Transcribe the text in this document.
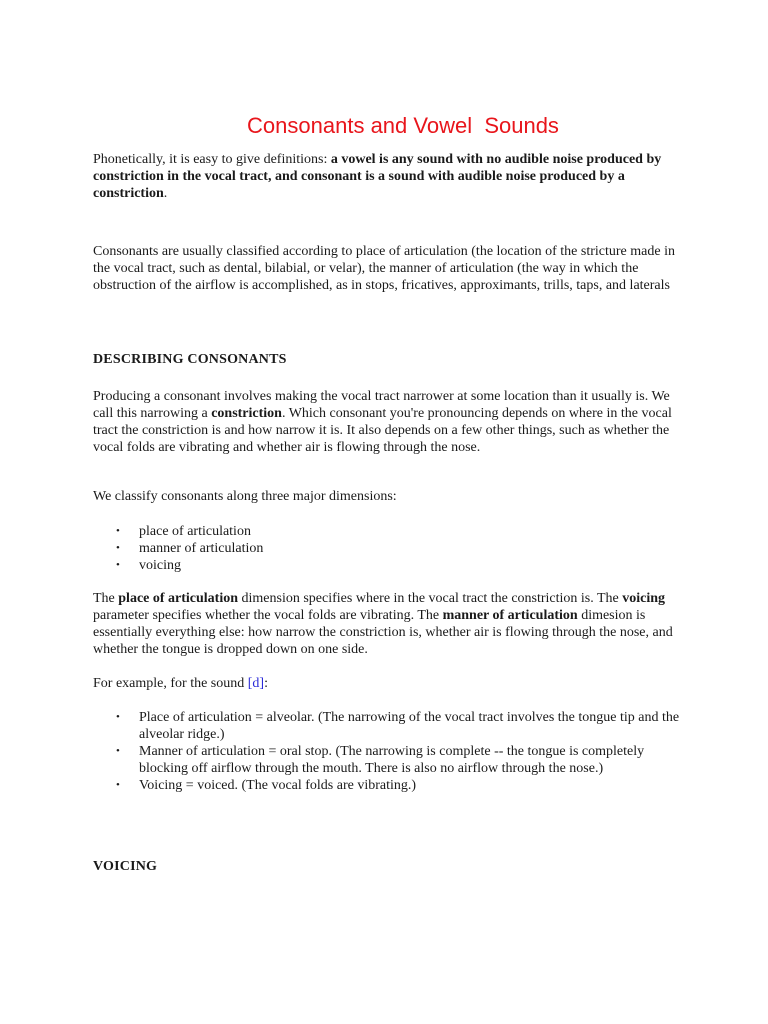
Consonants and Vowel  Sounds

Phonetically, it is easy to give definitions: a vowel is any sound with no audible noise produced by constriction in the vocal tract, and consonant is a sound with audible noise produced by a constriction.

Consonants are usually classified according to place of articulation (the location of the stricture made in the vocal tract, such as dental, bilabial, or velar), the manner of articulation (the way in which the obstruction of the airflow is accomplished, as in stops, fricatives, approximants, trills, taps, and laterals

DESCRIBING CONSONANTS

Producing a consonant involves making the vocal tract narrower at some location than it usually is. We call this narrowing a constriction. Which consonant you're pronouncing depends on where in the vocal tract the constriction is and how narrow it is. It also depends on a few other things, such as whether the vocal folds are vibrating and whether air is flowing through the nose.

We classify consonants along three major dimensions:

• place of articulation
• manner of articulation
• voicing

The place of articulation dimension specifies where in the vocal tract the constriction is. The voicing parameter specifies whether the vocal folds are vibrating. The manner of articulation dimesion is essentially everything else: how narrow the constriction is, whether air is flowing through the nose, and whether the tongue is dropped down on one side.

For example, for the sound [d]:

• Place of articulation = alveolar. (The narrowing of the vocal tract involves the tongue tip and the alveolar ridge.)
• Manner of articulation = oral stop. (The narrowing is complete -- the tongue is completely blocking off airflow through the mouth. There is also no airflow through the nose.)
• Voicing = voiced. (The vocal folds are vibrating.)

VOICING
